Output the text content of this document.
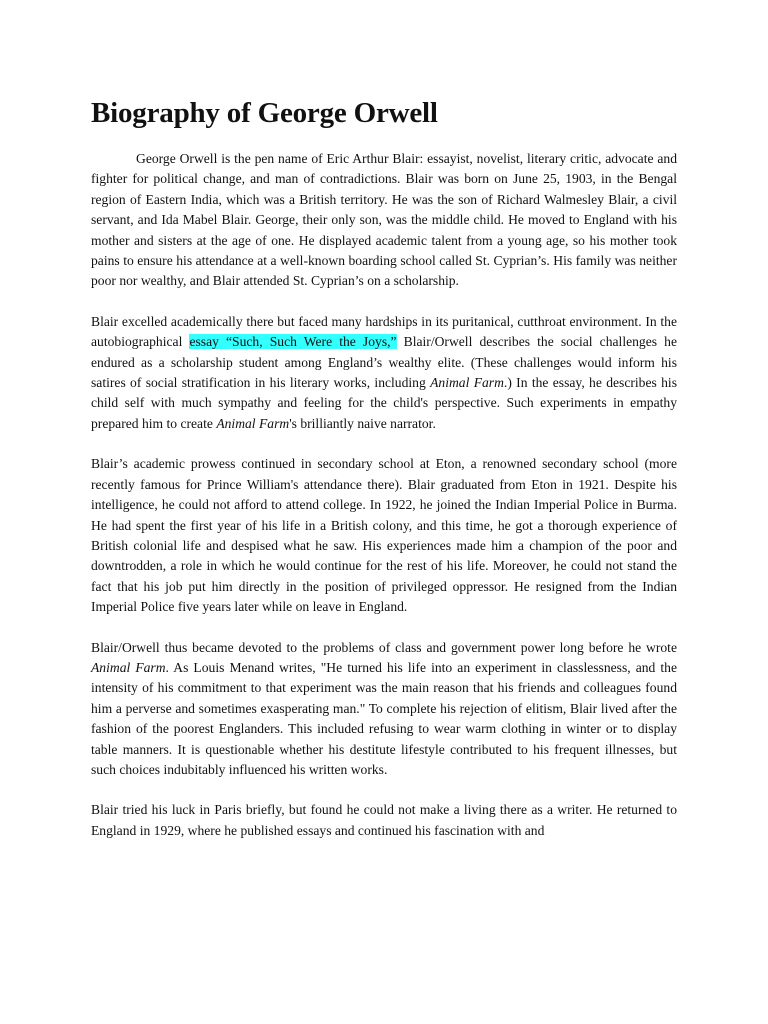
Biography of George Orwell

George Orwell is the pen name of Eric Arthur Blair: essayist, novelist, literary critic, advocate and fighter for political change, and man of contradictions. Blair was born on June 25, 1903, in the Bengal region of Eastern India, which was a British territory. He was the son of Richard Walmesley Blair, a civil servant, and Ida Mabel Blair. George, their only son, was the middle child. He moved to England with his mother and sisters at the age of one. He displayed academic talent from a young age, so his mother took pains to ensure his attendance at a well-known boarding school called St. Cyprian’s. His family was neither poor nor wealthy, and Blair attended St. Cyprian’s on a scholarship.

Blair excelled academically there but faced many hardships in its puritanical, cutthroat environment. In the autobiographical essay “Such, Such Were the Joys,” Blair/Orwell describes the social challenges he endured as a scholarship student among England’s wealthy elite. (These challenges would inform his satires of social stratification in his literary works, including Animal Farm.) In the essay, he describes his child self with much sympathy and feeling for the child's perspective. Such experiments in empathy prepared him to create Animal Farm's brilliantly naive narrator.

Blair’s academic prowess continued in secondary school at Eton, a renowned secondary school (more recently famous for Prince William's attendance there). Blair graduated from Eton in 1921. Despite his intelligence, he could not afford to attend college. In 1922, he joined the Indian Imperial Police in Burma. He had spent the first year of his life in a British colony, and this time, he got a thorough experience of British colonial life and despised what he saw. His experiences made him a champion of the poor and downtrodden, a role in which he would continue for the rest of his life. Moreover, he could not stand the fact that his job put him directly in the position of privileged oppressor. He resigned from the Indian Imperial Police five years later while on leave in England.

Blair/Orwell thus became devoted to the problems of class and government power long before he wrote Animal Farm. As Louis Menand writes, "He turned his life into an experiment in classlessness, and the intensity of his commitment to that experiment was the main reason that his friends and colleagues found him a perverse and sometimes exasperating man." To complete his rejection of elitism, Blair lived after the fashion of the poorest Englanders. This included refusing to wear warm clothing in winter or to display table manners. It is questionable whether his destitute lifestyle contributed to his frequent illnesses, but such choices indubitably influenced his written works.

Blair tried his luck in Paris briefly, but found he could not make a living there as a writer. He returned to England in 1929, where he published essays and continued his fascination with and
